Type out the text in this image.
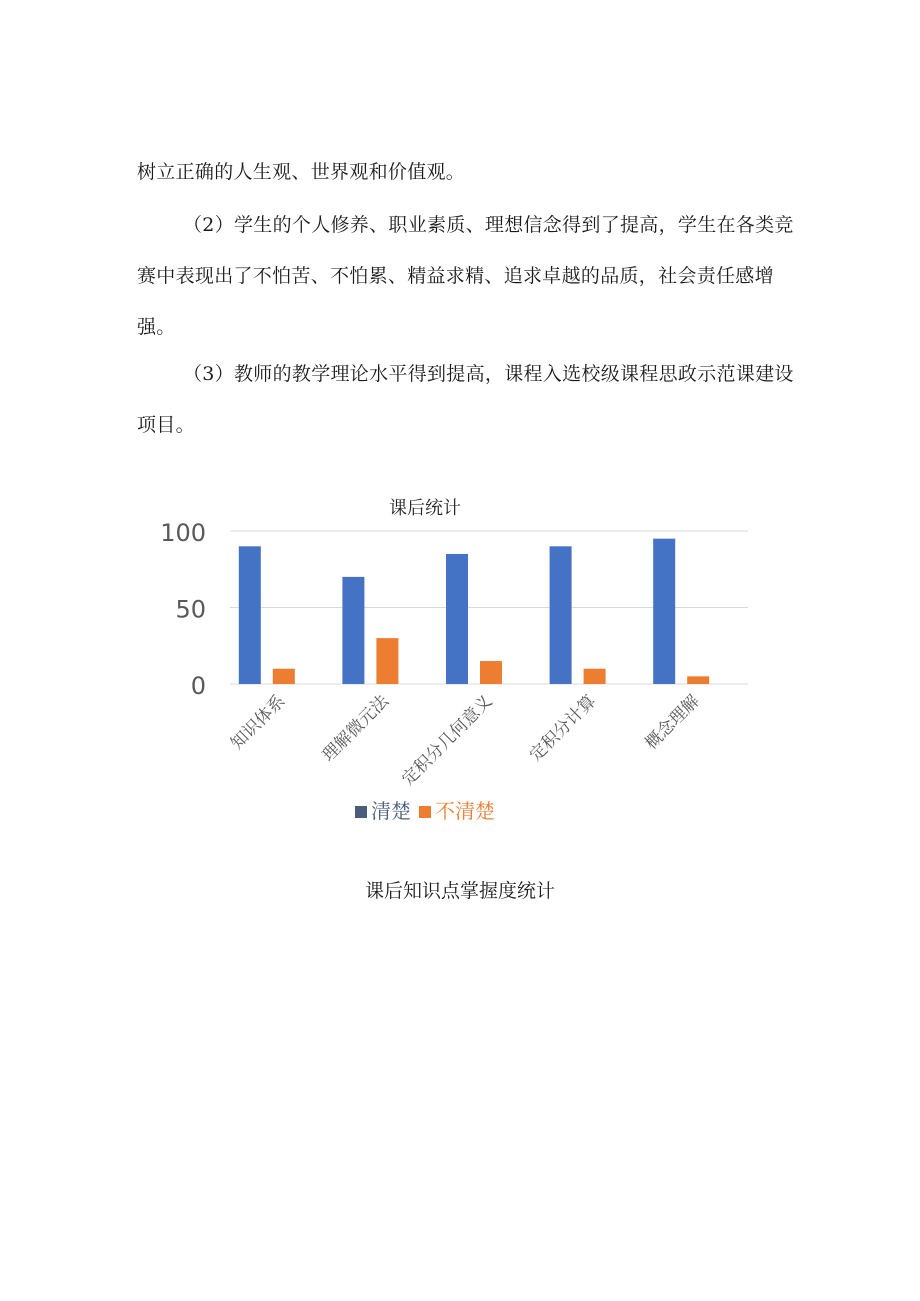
树立正确的人生观、世界观和价值观。

（2）学生的个人修养、职业素质、理想信念得到了提高，学生在各类竞赛中表现出了不怕苦、不怕累、精益求精、追求卓越的品质，社会责任感增强。

（3）教师的教学理论水平得到提高，课程入选校级课程思政示范课建设项目。

课后统计
0
50
100
知识体系 理解微元法 定积分几何意义 定积分计算 概念理解
清楚 不清楚
课后知识点掌握度统计
